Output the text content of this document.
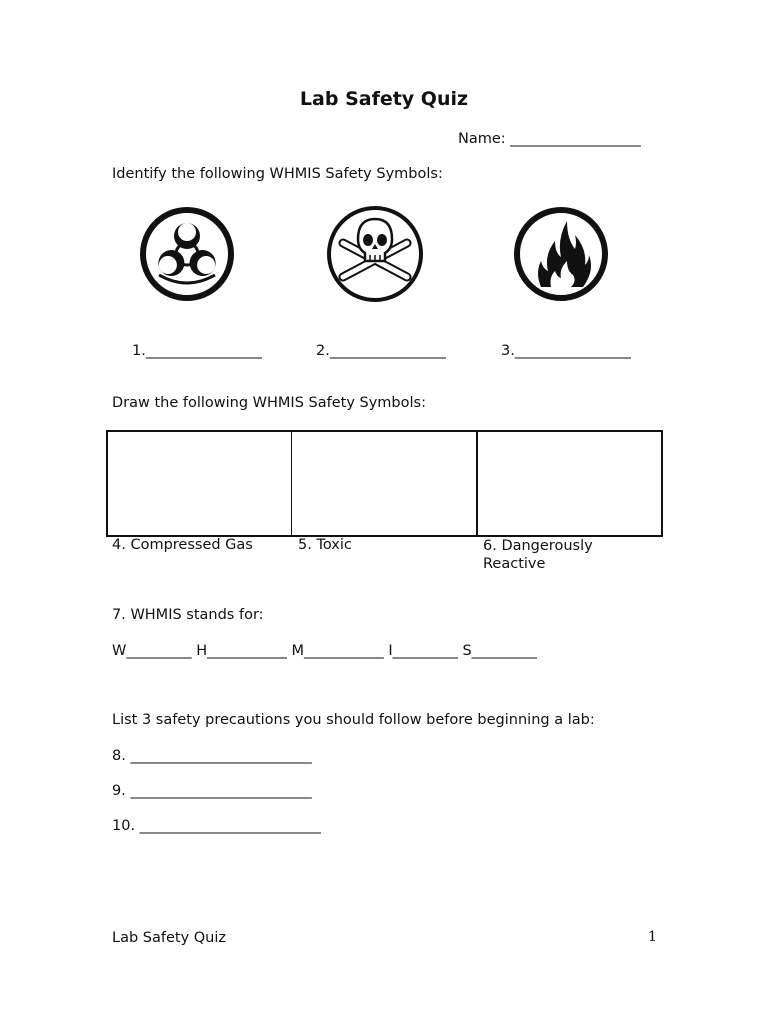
Lab Safety Quiz
Name: __________________
Identify the following WHMIS Safety Symbols:
1.________________	2.________________	3.________________
Draw the following WHMIS Safety Symbols:
4. Compressed Gas	5. Toxic	6. Dangerously
Reactive
7. WHMIS stands for:
W_________ H___________ M___________ I_________ S_________
List 3 safety precautions you should follow before beginning a lab:
8. _________________________
9. _________________________
10. _________________________
Lab Safety Quiz	1
